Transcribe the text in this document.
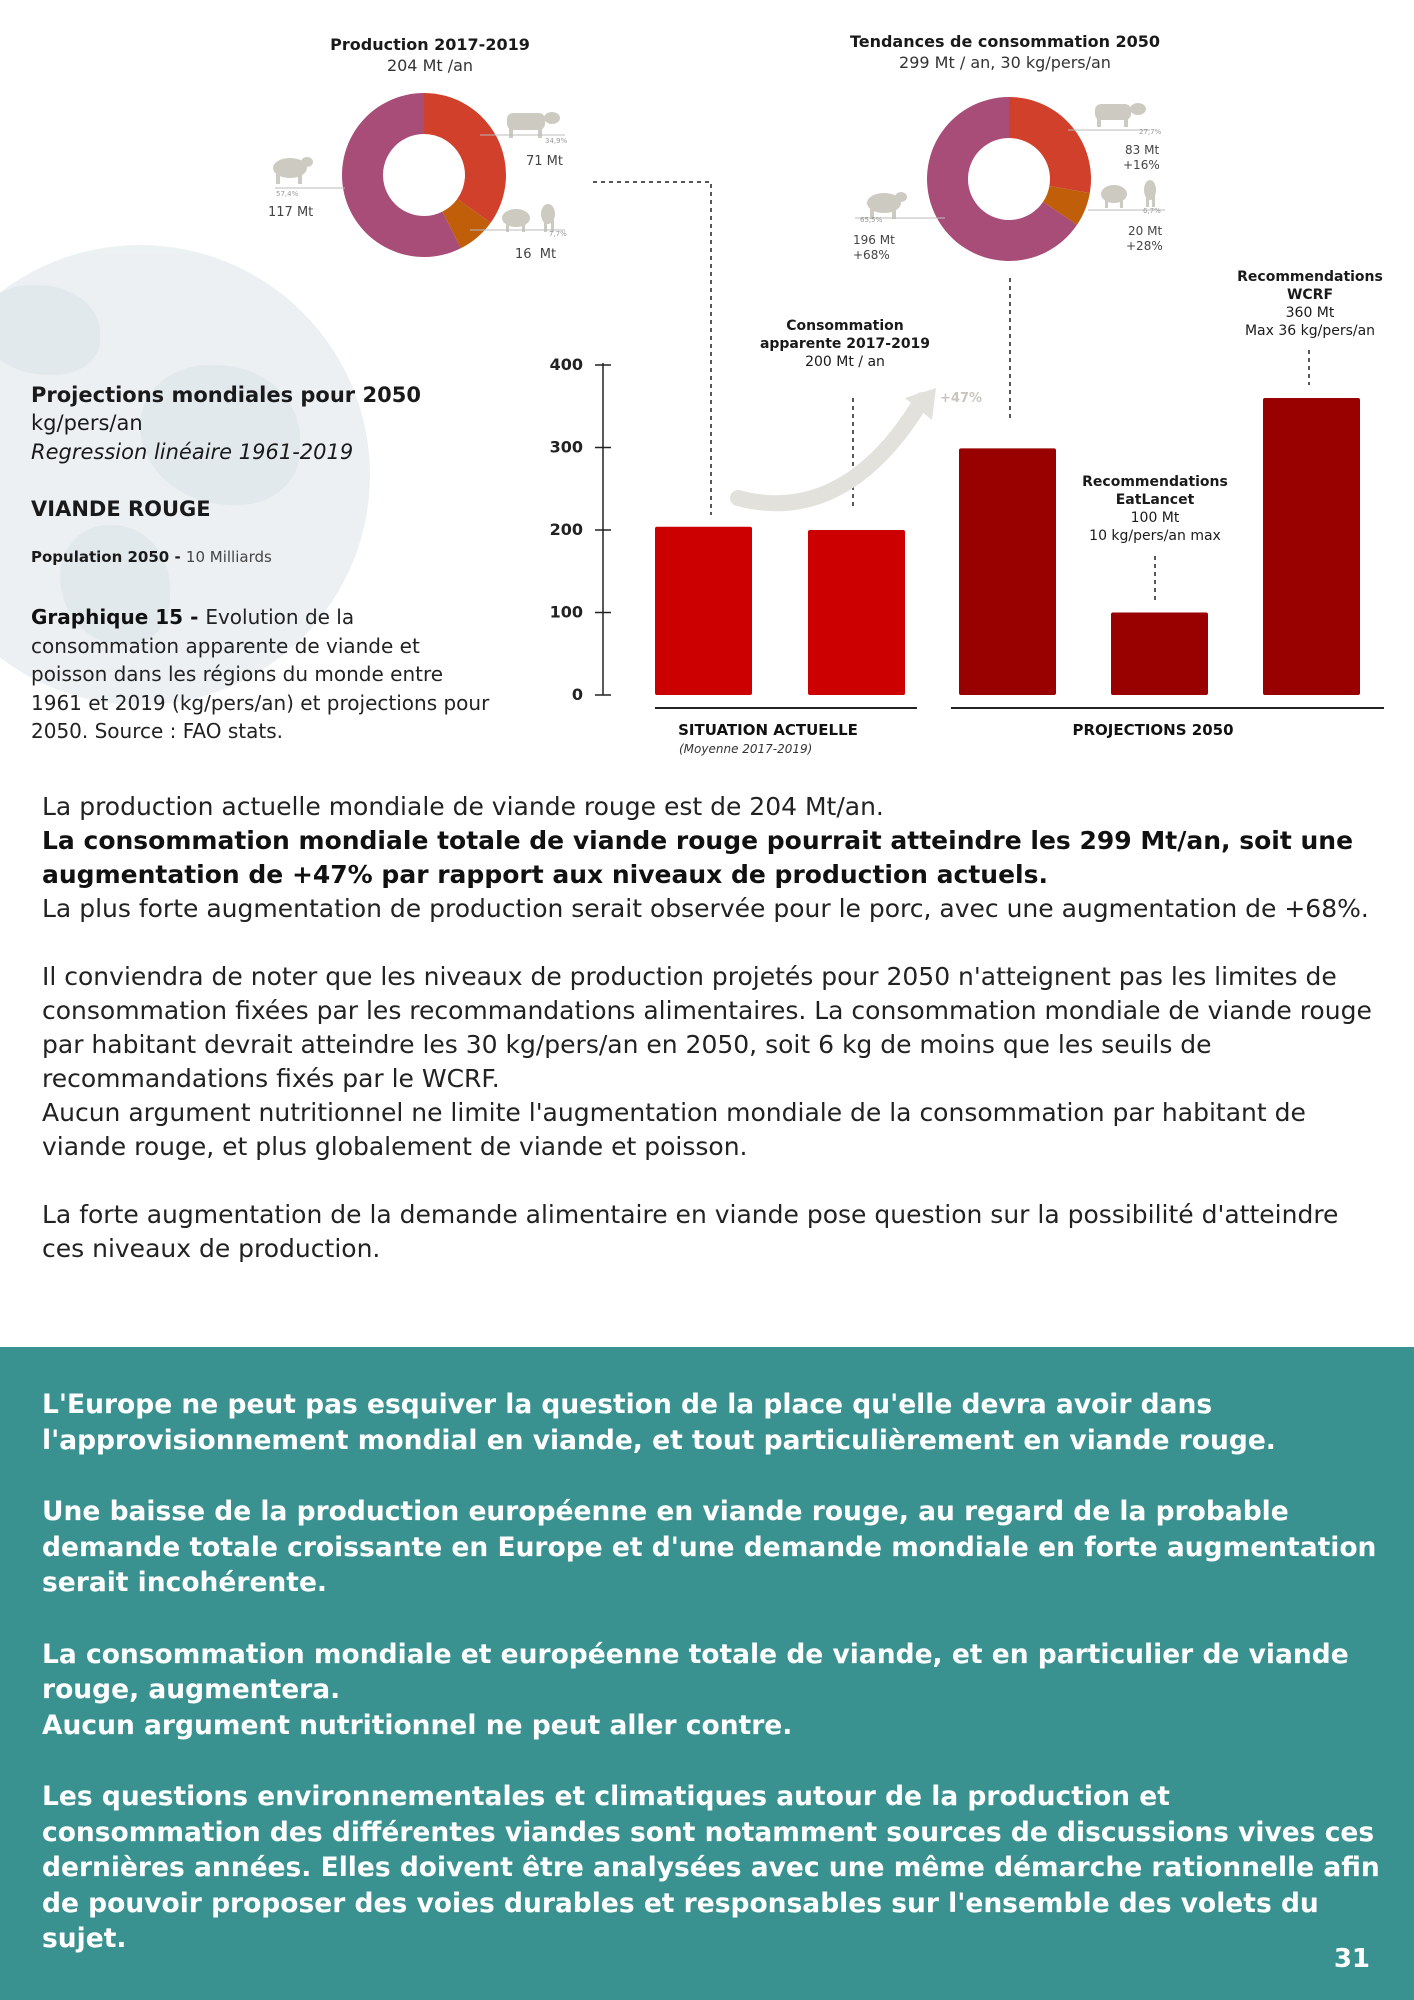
Production 2017-2019
204 Mt /an
Tendances de consommation 2050
299 Mt / an, 30 kg/pers/an
+47%
0
100
200
300
400
SITUATION ACTUELLE
(Moyenne 2017-2019)
PROJECTIONS 2050
57,4%
117 Mt
34,9%
71 Mt
7,7%
16  Mt
65,5%
196 Mt
+68%
27,7%
83 Mt
+16%
6,7%
20 Mt
+28%
Projections mondiales pour 2050
kg/pers/an
Regression linéaire 1961-2019
VIANDE ROUGE
Population 2050 - 10 Milliards
Graphique 15 - Evolution de la consommation apparente de viande et poisson dans les régions du monde entre 1961 et 2019 (kg/pers/an) et projections pour 2050. Source : FAO stats.
Consommation apparente 2017-2019
200 Mt / an
Recommendations EatLancet
100 Mt
10 kg/pers/an max
Recommendations WCRF
360 Mt
Max 36 kg/pers/an

La production actuelle mondiale de viande rouge est de 204 Mt/an.

La consommation mondiale totale de viande rouge pourrait atteindre les 299 Mt/an, soit une augmentation de +47% par rapport aux niveaux de production actuels.

La plus forte augmentation de production serait observée pour le porc, avec une augmentation de +68%.

Il conviendra de noter que les niveaux de production projetés pour 2050 n'atteignent pas les limites de consommation fixées par les recommandations alimentaires. La consommation mondiale de viande rouge par habitant devrait atteindre les 30 kg/pers/an en 2050, soit 6 kg de moins que les seuils de recommandations fixés par le WCRF.

Aucun argument nutritionnel ne limite l'augmentation mondiale de la consommation par habitant de viande rouge, et plus globalement de viande et poisson.

La forte augmentation de la demande alimentaire en viande pose question sur la possibilité d'atteindre ces niveaux de production.

L'Europe ne peut pas esquiver la question de la place qu'elle devra avoir dans l'approvisionnement mondial en viande, et tout particulièrement en viande rouge.

Une baisse de la production européenne en viande rouge, au regard de la probable demande totale croissante en Europe et d'une demande mondiale en forte augmentation serait incohérente.

La consommation mondiale et européenne totale de viande, et en particulier de viande rouge, augmentera.

Aucun argument nutritionnel ne peut aller contre.

Les questions environnementales et climatiques autour de la production et consommation des différentes viandes sont notamment sources de discussions vives ces dernières années. Elles doivent être analysées avec une même démarche rationnelle afin de pouvoir proposer des voies durables et responsables sur l'ensemble des volets du sujet.

31
